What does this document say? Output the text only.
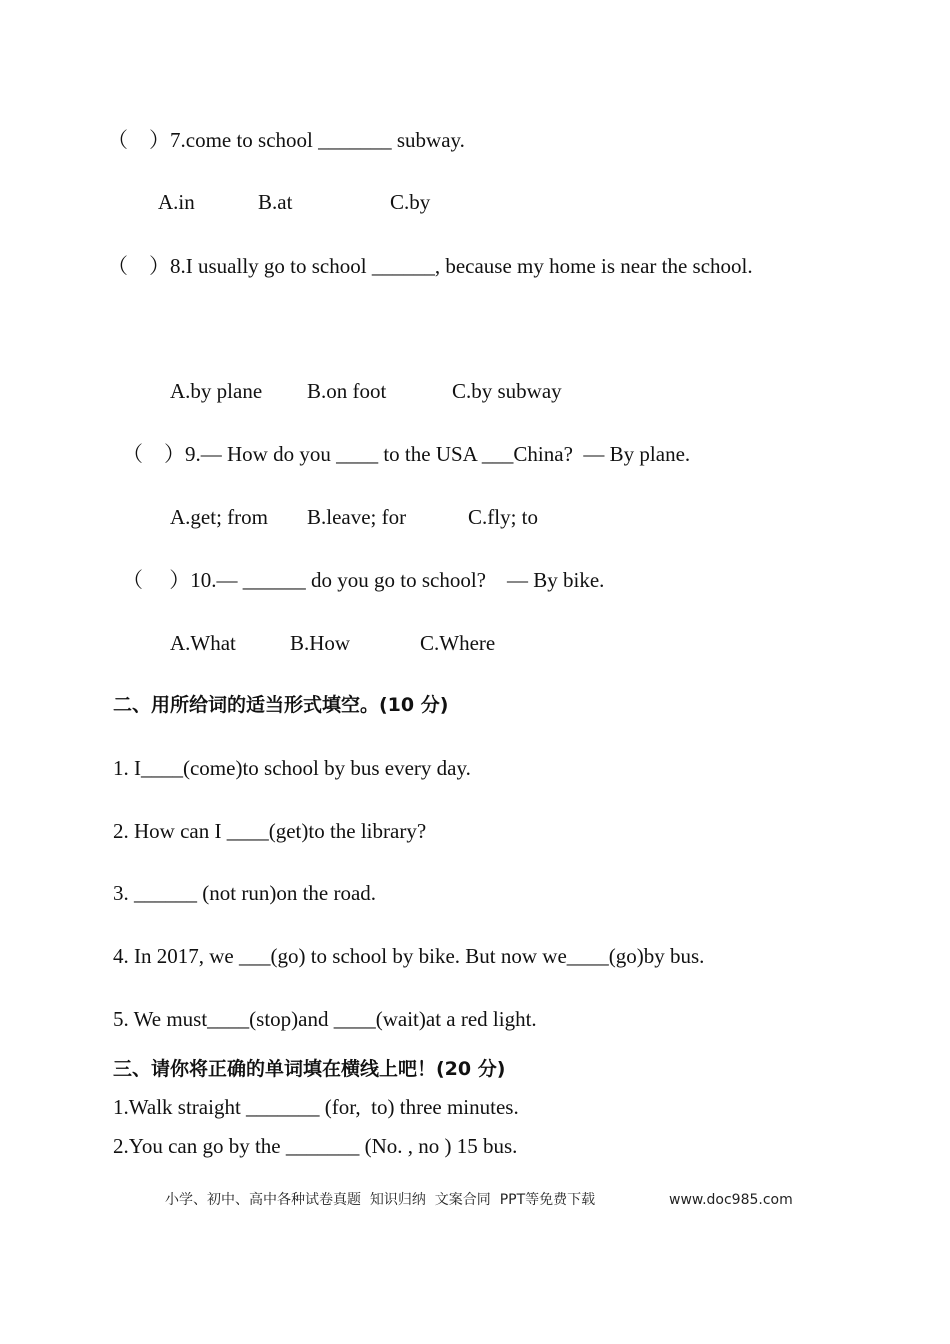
（    ）7.come to school _______ subway.
A.in	B.at	C.by
（    ）8.I usually go to school ______, because my home is near the school.
A.by plane B.on foot	C.by subway
（    ）9.— How do you ____ to the USA ___China?  — By plane.
A.get; from B.leave; for	C.fly; to
（     ）10.— ______ do you go to school?    — By bike.
A.What	B.How	C.Where
二、用所给词的适当形式填空。(10 分)
1. I____(come)to school by bus every day.
2. How can I ____(get)to the library?
3. ______ (not run)on the road.
4. In 2017, we ___(go) to school by bike. But now we____(go)by bus.
5. We must____(stop)and ____(wait)at a red light.
三、请你将正确的单词填在横线上吧！(20 分)
1.Walk straight _______ (for,  to) three minutes.
2.You can go by the _______ (No. , no ) 15 bus.
小学、初中、高中各种试卷真题  知识归纳  文案合同  PPT等免费下载	www.doc985.com
